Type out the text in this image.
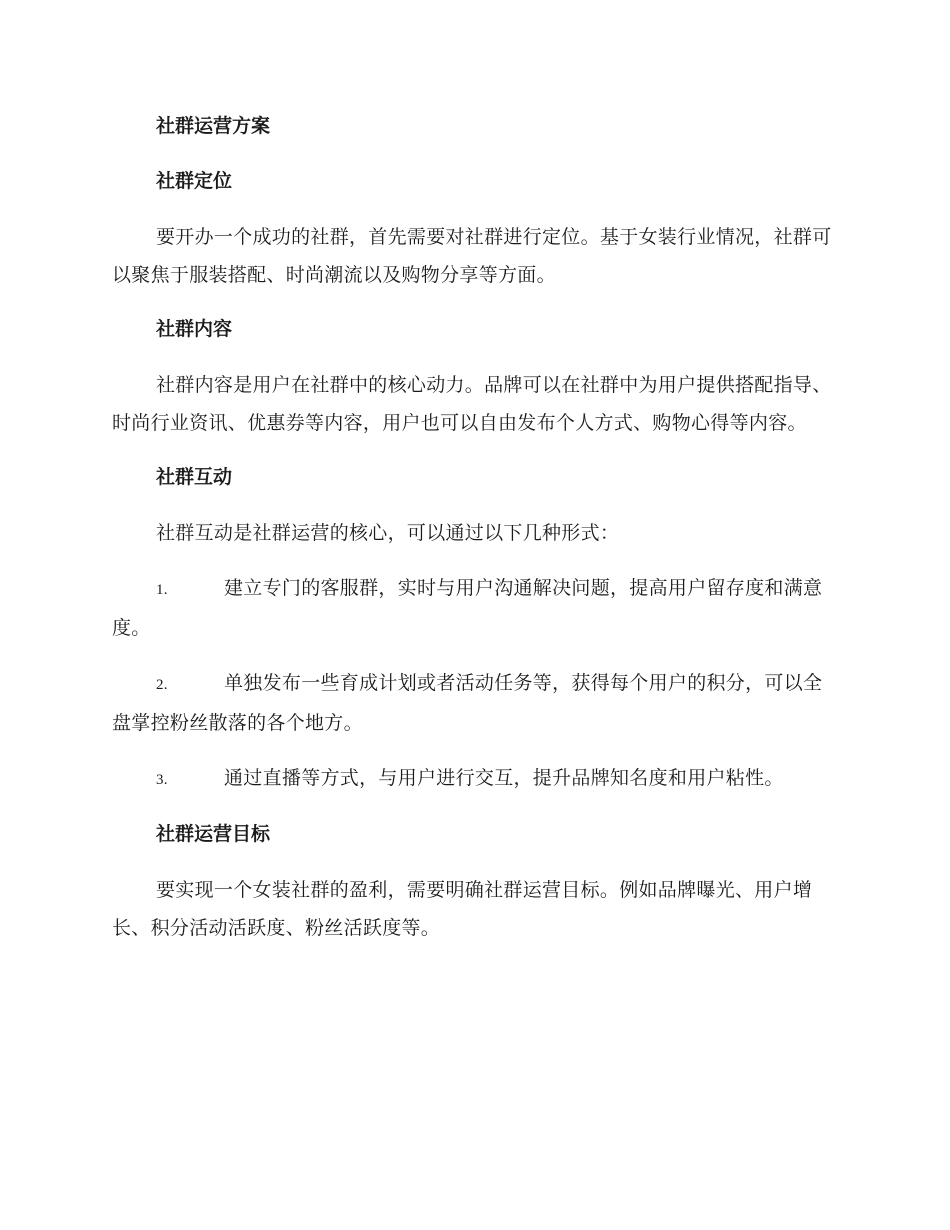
社群运营方案
社群定位
要开办一个成功的社群，首先需要对社群进行定位。基于女装行业情况，社群可以聚焦于服装搭配、时尚潮流以及购物分享等方面。
社群内容
社群内容是用户在社群中的核心动力。品牌可以在社群中为用户提供搭配指导、时尚行业资讯、优惠券等内容，用户也可以自由发布个人方式、购物心得等内容。
社群互动
社群互动是社群运营的核心，可以通过以下几种形式：
1.	建立专门的客服群，实时与用户沟通解决问题，提高用户留存度和满意度。
2.	单独发布一些育成计划或者活动任务等，获得每个用户的积分，可以全盘掌控粉丝散落的各个地方。
3.	通过直播等方式，与用户进行交互，提升品牌知名度和用户粘性。
社群运营目标
要实现一个女装社群的盈利，需要明确社群运营目标。例如品牌曝光、用户增长、积分活动活跃度、粉丝活跃度等。
